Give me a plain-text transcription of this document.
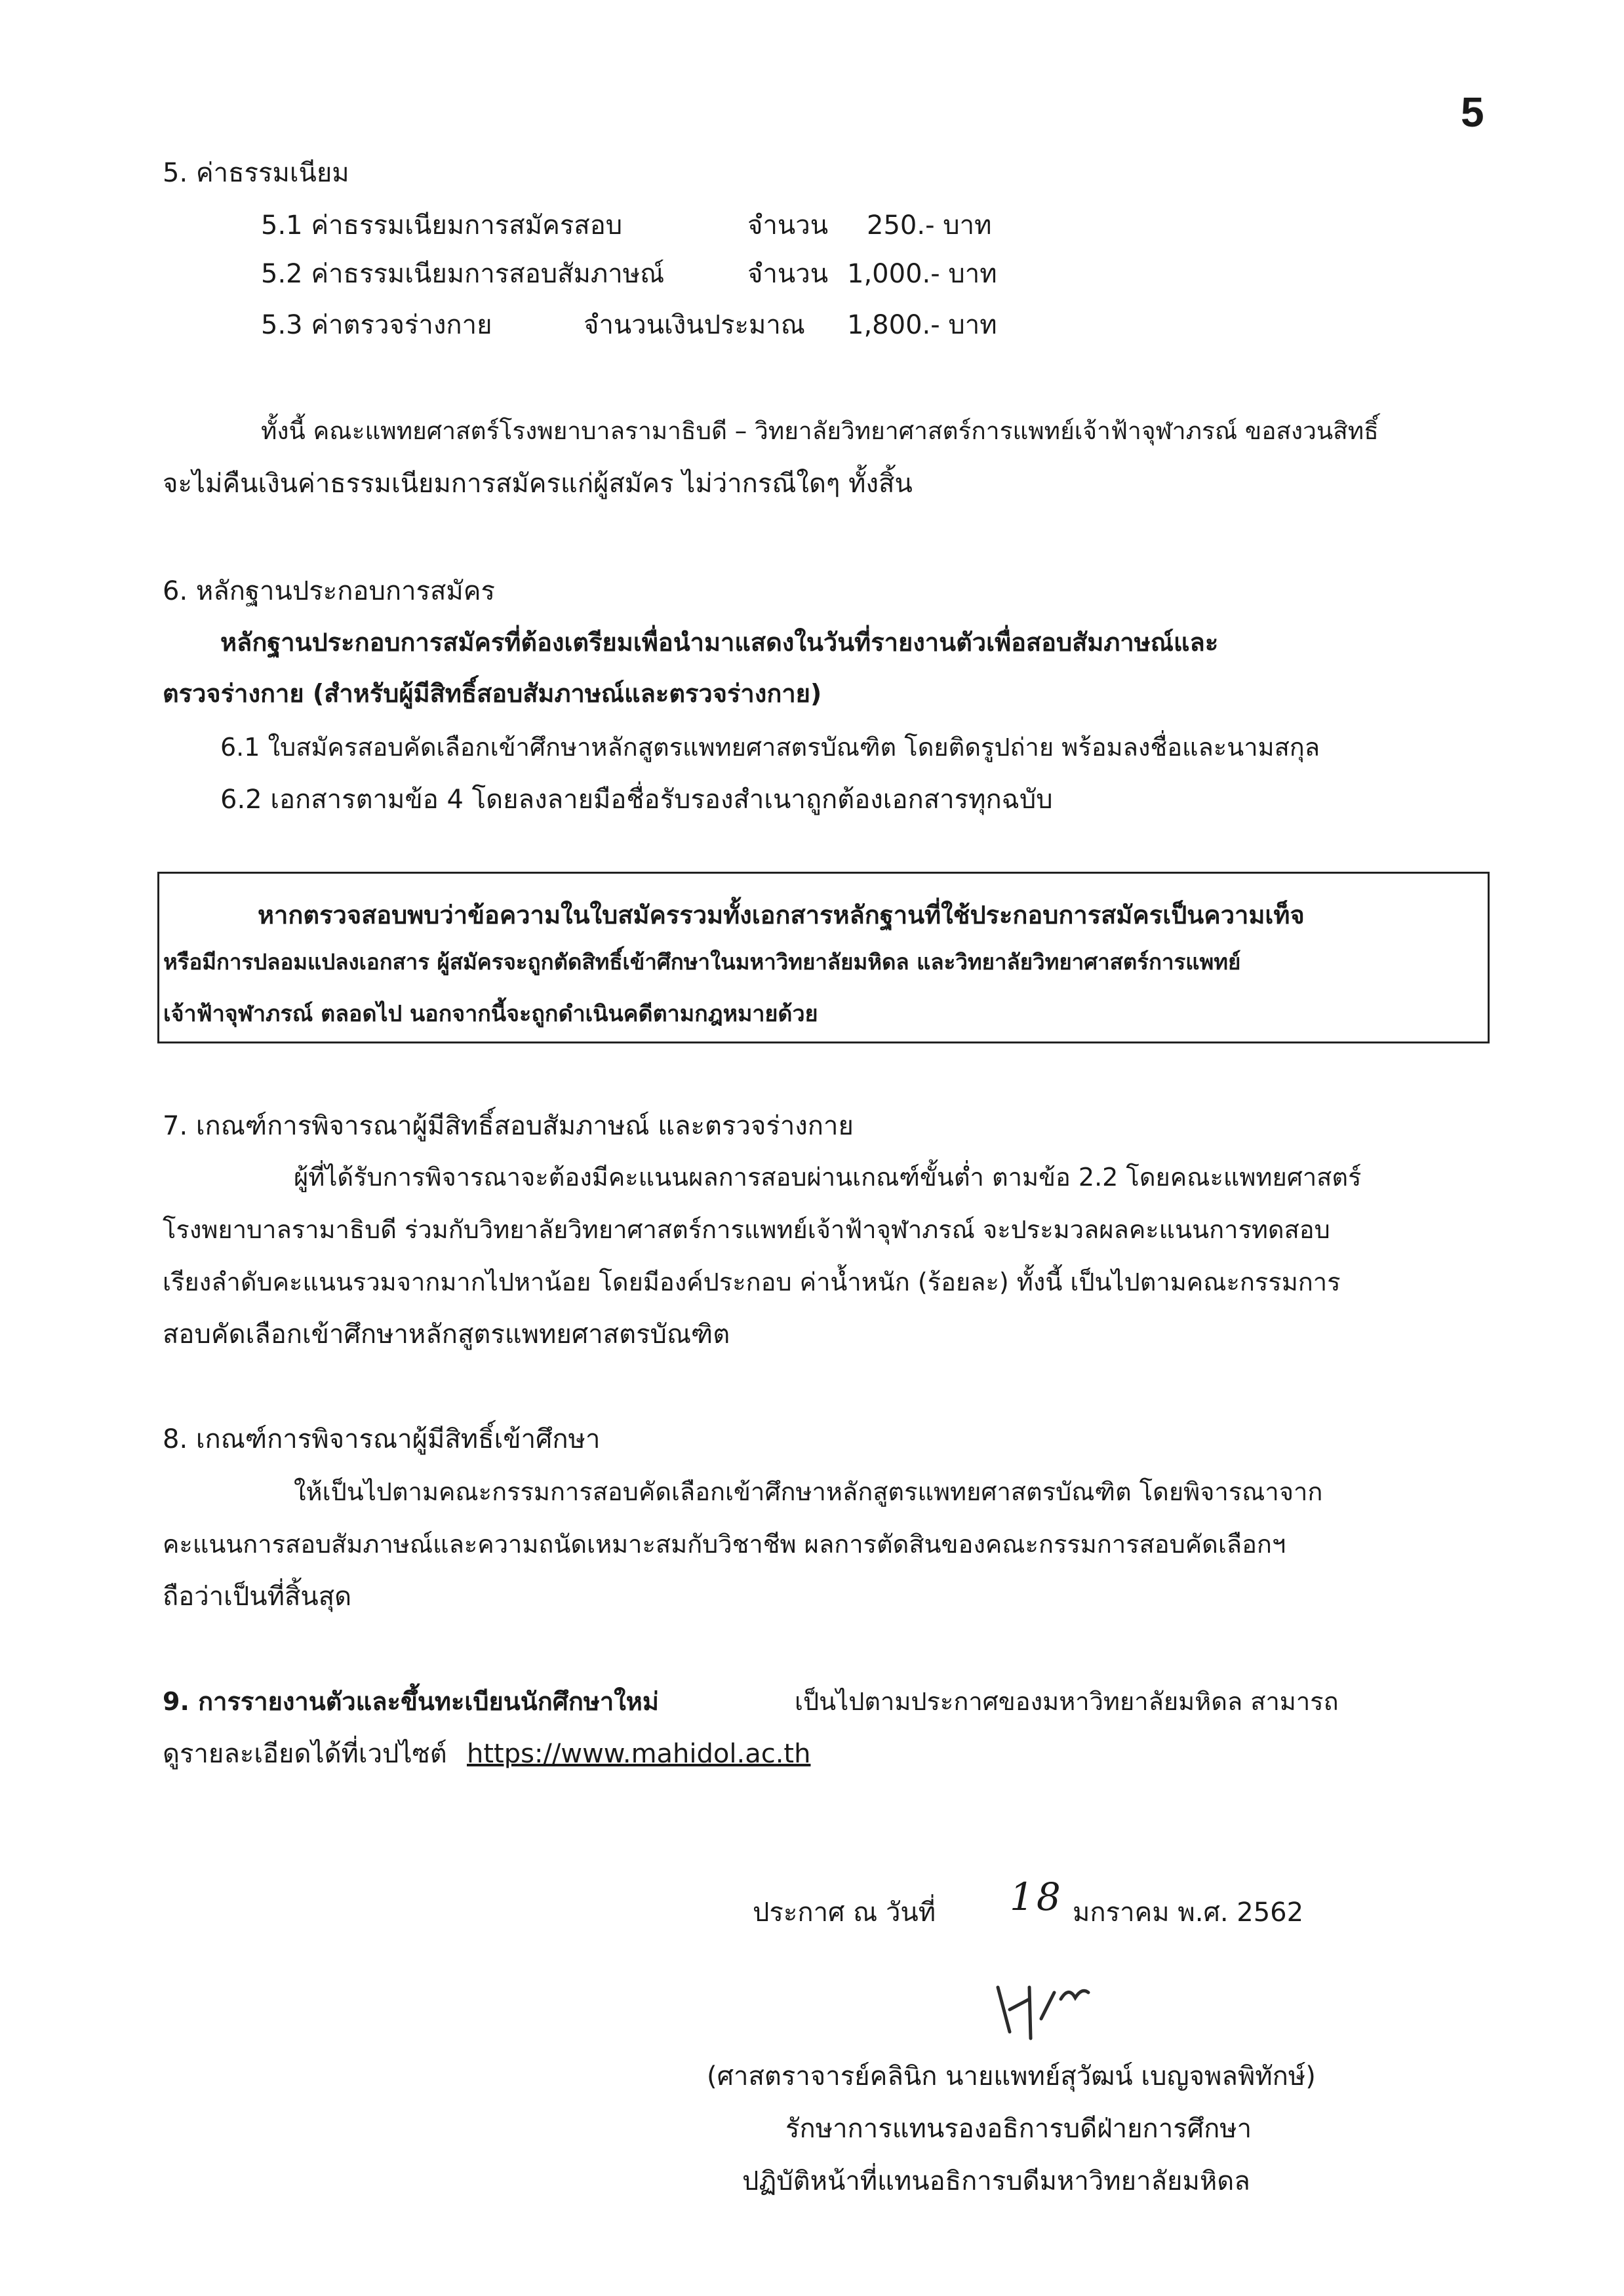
5
5. ค่าธรรมเนียม
5.1 ค่าธรรมเนียมการสมัครสอบ	จำนวน 250.- บาท
5.2 ค่าธรรมเนียมการสอบสัมภาษณ์	จำนวน 1,000.- บาท
5.3 ค่าตรวจร่างกาย	จำนวนเงินประมาณ 1,800.- บาท
ทั้งนี้ คณะแพทยศาสตร์โรงพยาบาลรามาธิบดี – วิทยาลัยวิทยาศาสตร์การแพทย์เจ้าฟ้าจุฬาภรณ์ ขอสงวนสิทธิ์
จะไม่คืนเงินค่าธรรมเนียมการสมัครแก่ผู้สมัคร ไม่ว่ากรณีใดๆ ทั้งสิ้น
6. หลักฐานประกอบการสมัคร
หลักฐานประกอบการสมัครที่ต้องเตรียมเพื่อนำมาแสดงในวันที่รายงานตัวเพื่อสอบสัมภาษณ์และ
ตรวจร่างกาย (สำหรับผู้มีสิทธิ์สอบสัมภาษณ์และตรวจร่างกาย)
6.1 ใบสมัครสอบคัดเลือกเข้าศึกษาหลักสูตรแพทยศาสตรบัณฑิต โดยติดรูปถ่าย พร้อมลงชื่อและนามสกุล
6.2 เอกสารตามข้อ 4 โดยลงลายมือชื่อรับรองสำเนาถูกต้องเอกสารทุกฉบับ
หากตรวจสอบพบว่าข้อความในใบสมัครรวมทั้งเอกสารหลักฐานที่ใช้ประกอบการสมัครเป็นความเท็จ
หรือมีการปลอมแปลงเอกสาร ผู้สมัครจะถูกตัดสิทธิ์เข้าศึกษาในมหาวิทยาลัยมหิดล และวิทยาลัยวิทยาศาสตร์การแพทย์
เจ้าฟ้าจุฬาภรณ์ ตลอดไป นอกจากนี้จะถูกดำเนินคดีตามกฎหมายด้วย
7. เกณฑ์การพิจารณาผู้มีสิทธิ์สอบสัมภาษณ์ และตรวจร่างกาย
ผู้ที่ได้รับการพิจารณาจะต้องมีคะแนนผลการสอบผ่านเกณฑ์ขั้นต่ำ ตามข้อ 2.2 โดยคณะแพทยศาสตร์
โรงพยาบาลรามาธิบดี ร่วมกับวิทยาลัยวิทยาศาสตร์การแพทย์เจ้าฟ้าจุฬาภรณ์ จะประมวลผลคะแนนการทดสอบ
เรียงลำดับคะแนนรวมจากมากไปหาน้อย โดยมีองค์ประกอบ ค่าน้ำหนัก (ร้อยละ) ทั้งนี้ เป็นไปตามคณะกรรมการ
สอบคัดเลือกเข้าศึกษาหลักสูตรแพทยศาสตรบัณฑิต
8. เกณฑ์การพิจารณาผู้มีสิทธิ์เข้าศึกษา
ให้เป็นไปตามคณะกรรมการสอบคัดเลือกเข้าศึกษาหลักสูตรแพทยศาสตรบัณฑิต โดยพิจารณาจาก
คะแนนการสอบสัมภาษณ์และความถนัดเหมาะสมกับวิชาชีพ ผลการตัดสินของคณะกรรมการสอบคัดเลือกฯ
ถือว่าเป็นที่สิ้นสุด
9. การรายงานตัวและขึ้นทะเบียนนักศึกษาใหม่	เป็นไปตามประกาศของมหาวิทยาลัยมหิดล สามารถ
ดูรายละเอียดได้ที่เวปไซต์ https://www.mahidol.ac.th
ประกาศ ณ วันที่ 18 มกราคม พ.ศ. 2562
(ศาสตราจารย์คลินิก นายแพทย์สุวัฒน์ เบญจพลพิทักษ์)
รักษาการแทนรองอธิการบดีฝ่ายการศึกษา
ปฏิบัติหน้าที่แทนอธิการบดีมหาวิทยาลัยมหิดล
